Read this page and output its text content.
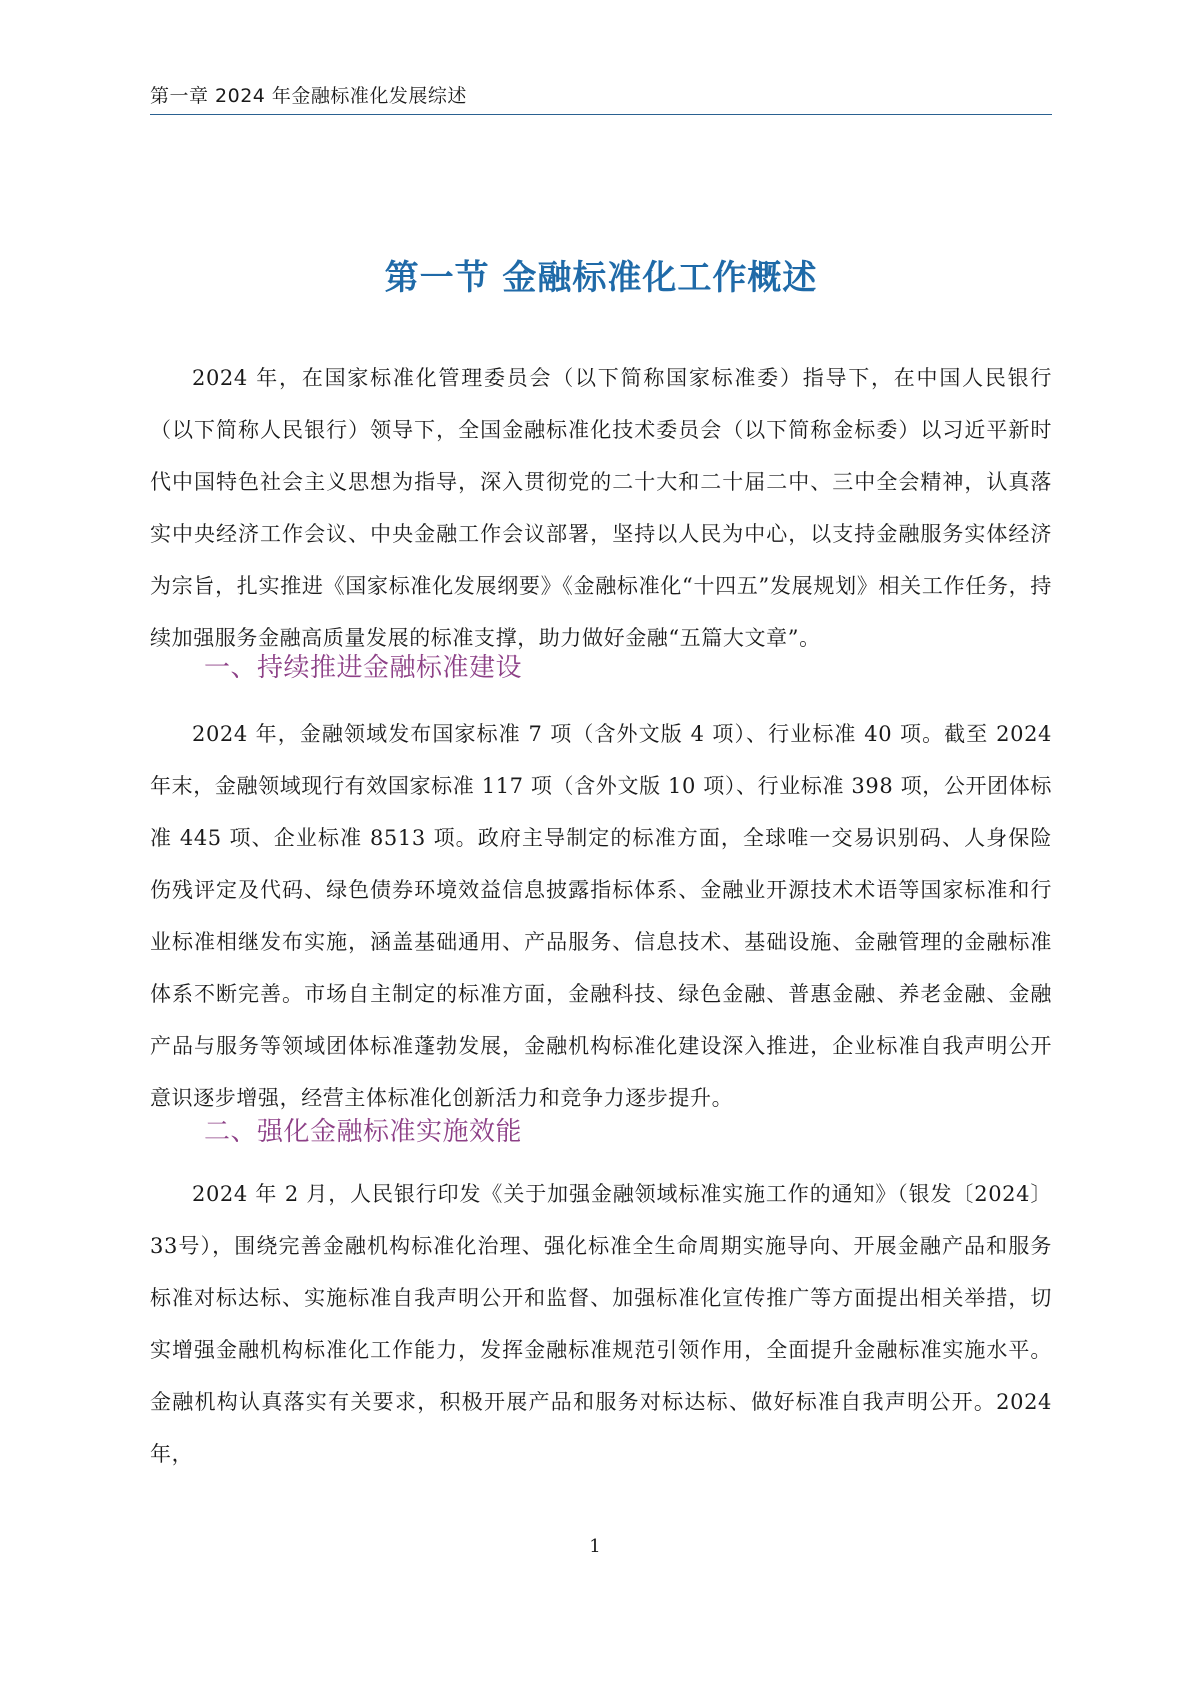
第一章 2024 年金融标准化发展综述
第一节 金融标准化工作概述

2024 年，在国家标准化管理委员会（以下简称国家标准委）指导下，在中国人民银行（以下简称人民银行）领导下，全国金融标准化技术委员会（以下简称金标委）以习近平新时代中国特色社会主义思想为指导，深入贯彻党的二十大和二十届二中、三中全会精神，认真落实中央经济工作会议、中央金融工作会议部署，坚持以人民为中心，以支持金融服务实体经济为宗旨，扎实推进《国家标准化发展纲要》《金融标准化“十四五”发展规划》相关工作任务，持续加强服务金融高质量发展的标准支撑，助力做好金融“五篇大文章”。

一、持续推进金融标准建设

2024 年，金融领域发布国家标准 7 项（含外文版 4 项）、行业标准 40 项。截至 2024 年末，金融领域现行有效国家标准 117 项（含外文版 10 项）、行业标准 398 项，公开团体标准 445 项、企业标准 8513 项。政府主导制定的标准方面，全球唯一交易识别码、人身保险伤残评定及代码、绿色债券环境效益信息披露指标体系、金融业开源技术术语等国家标准和行业标准相继发布实施，涵盖基础通用、产品服务、信息技术、基础设施、金融管理的金融标准体系不断完善。市场自主制定的标准方面，金融科技、绿色金融、普惠金融、养老金融、金融产品与服务等领域团体标准蓬勃发展，金融机构标准化建设深入推进，企业标准自我声明公开意识逐步增强，经营主体标准化创新活力和竞争力逐步提升。

二、强化金融标准实施效能

2024 年 2 月，人民银行印发《关于加强金融领域标准实施工作的通知》（银发〔2024〕33号），围绕完善金融机构标准化治理、强化标准全生命周期实施导向、开展金融产品和服务标准对标达标、实施标准自我声明公开和监督、加强标准化宣传推广等方面提出相关举措，切实增强金融机构标准化工作能力，发挥金融标准规范引领作用，全面提升金融标准实施水平。金融机构认真落实有关要求，积极开展产品和服务对标达标、做好标准自我声明公开。2024 年，

1
